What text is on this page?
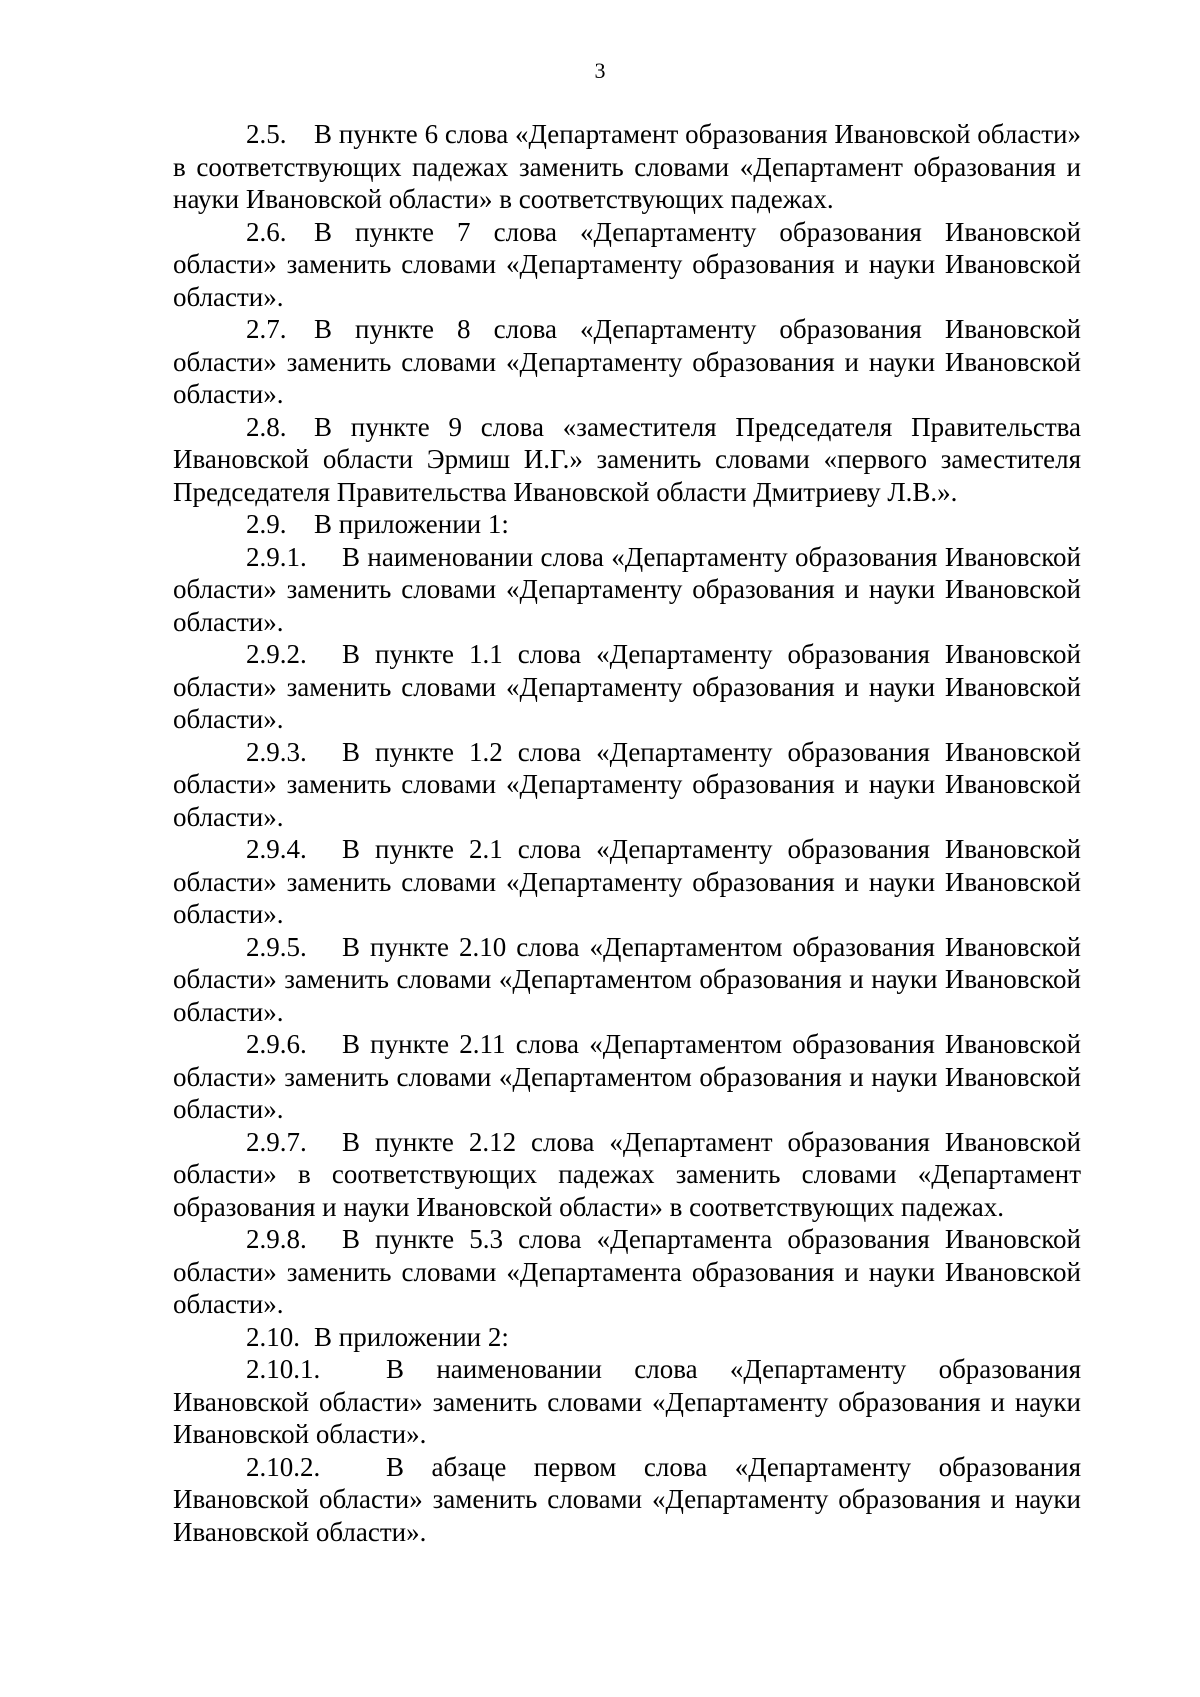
3

2.5. В пункте 6 слова «Департамент образования Ивановской области» в соответствующих падежах заменить словами «Департамент образования и науки Ивановской области» в соответствующих падежах.

2.6. В пункте 7 слова «Департаменту образования Ивановской области» заменить словами «Департаменту образования и науки Ивановской области».

2.7. В пункте 8 слова «Департаменту образования Ивановской области» заменить словами «Департаменту образования и науки Ивановской области».

2.8. В пункте 9 слова «заместителя Председателя Правительства Ивановской области Эрмиш И.Г.» заменить словами «первого заместителя Председателя Правительства Ивановской области Дмитриеву Л.В.».

2.9. В приложении 1:

2.9.1. В наименовании слова «Департаменту образования Ивановской области» заменить словами «Департаменту образования и науки Ивановской области».

2.9.2. В пункте 1.1 слова «Департаменту образования Ивановской области» заменить словами «Департаменту образования и науки Ивановской области».

2.9.3. В пункте 1.2 слова «Департаменту образования Ивановской области» заменить словами «Департаменту образования и науки Ивановской области».

2.9.4. В пункте 2.1 слова «Департаменту образования Ивановской области» заменить словами «Департаменту образования и науки Ивановской области».

2.9.5. В пункте 2.10 слова «Департаментом образования Ивановской области» заменить словами «Департаментом образования и науки Ивановской области».

2.9.6. В пункте 2.11 слова «Департаментом образования Ивановской области» заменить словами «Департаментом образования и науки Ивановской области».

2.9.7. В пункте 2.12 слова «Департамент образования Ивановской области» в соответствующих падежах заменить словами «Департамент образования и науки Ивановской области» в соответствующих падежах.

2.9.8. В пункте 5.3 слова «Департамента образования Ивановской области» заменить словами «Департамента образования и науки Ивановской области».

2.10. В приложении 2:

2.10.1. В наименовании слова «Департаменту образования Ивановской области» заменить словами «Департаменту образования и науки Ивановской области».

2.10.2. В абзаце первом слова «Департаменту образования Ивановской области» заменить словами «Департаменту образования и науки Ивановской области».
